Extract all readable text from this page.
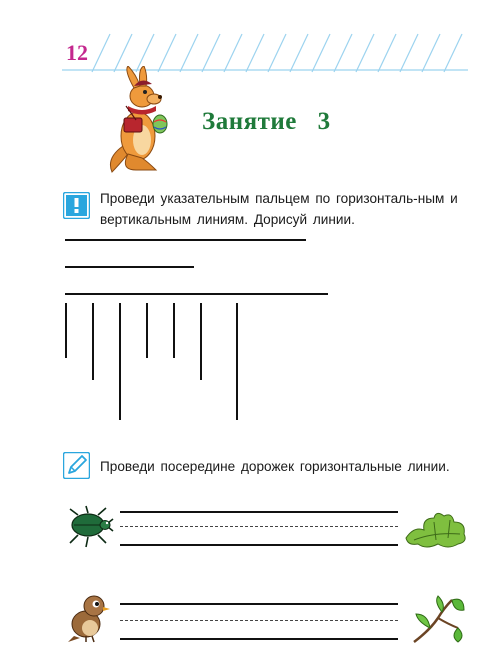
12
Занятие 3
Проведи указательным пальцем по горизонталь-ным и вертикальным линиям. Дорисуй линии.
Проведи посередине дорожек горизонтальные линии.
